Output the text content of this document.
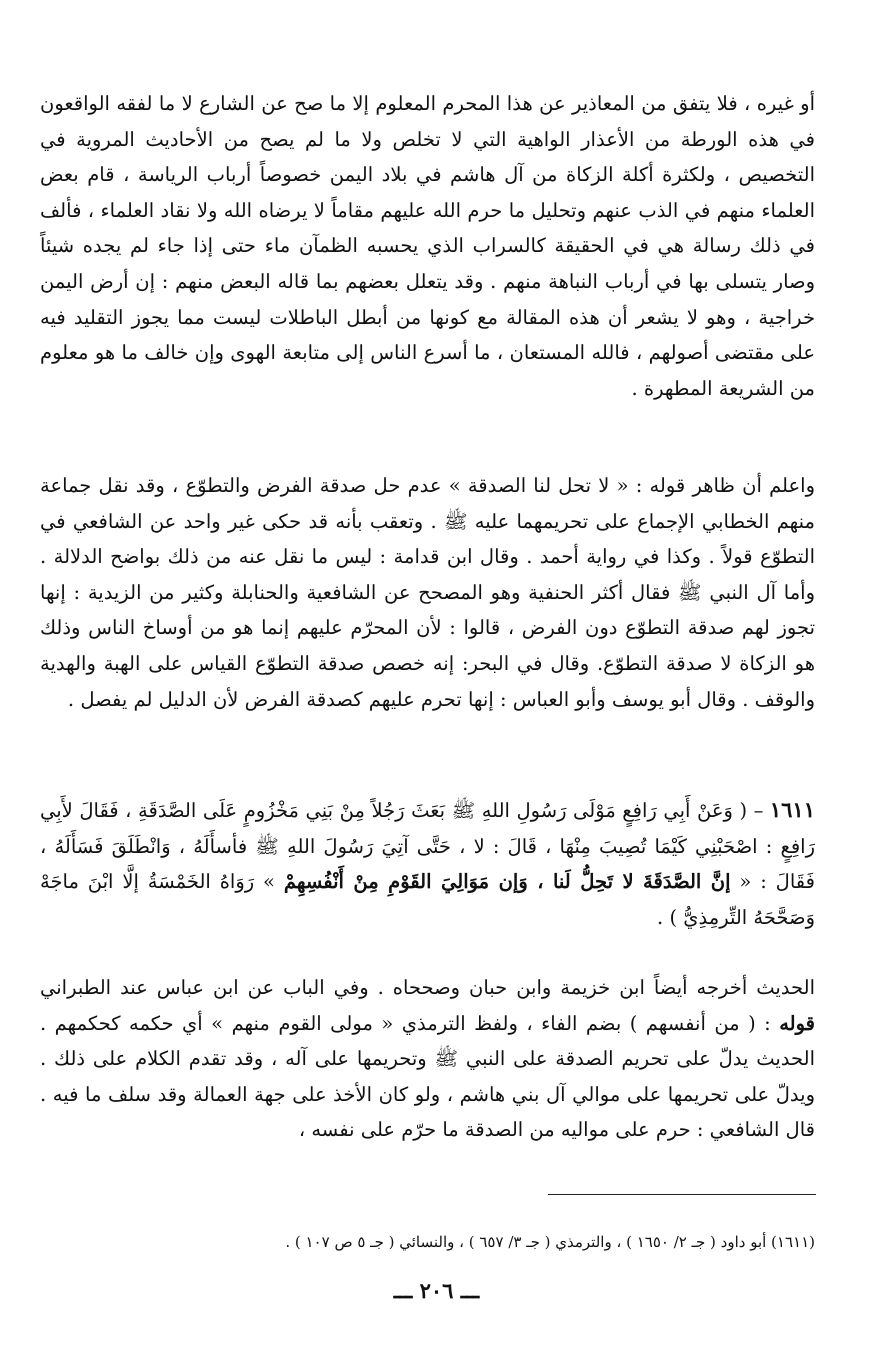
أو غيره ، فلا يتفق من المعاذير عن هذا المحرم المعلوم إلا ما صح عن الشارع لا ما لفقه الواقعون في هذه الورطة من الأعذار الواهية التي لا تخلص ولا ما لم يصح من الأحاديث المروية في التخصيص ، ولكثرة أكلة الزكاة من آل هاشم في بلاد اليمن خصوصاً أرباب الرياسة ، قام بعض العلماء منهم في الذب عنهم وتحليل ما حرم الله عليهم مقاماً لا يرضاه الله ولا نقاد العلماء ، فألف في ذلك رسالة هي في الحقيقة كالسراب الذي يحسبه الظمآن ماء حتى إذا جاء لم يجده شيئاً وصار يتسلى بها في أرباب النباهة منهم . وقد يتعلل بعضهم بما قاله البعض منهم : إن أرض اليمن خراجية ، وهو لا يشعر أن هذه المقالة مع كونها من أبطل الباطلات ليست مما يجوز التقليد فيه على مقتضى أصولهم ، فالله المستعان ، ما أسرع الناس إلى متابعة الهوى وإن خالف ما هو معلوم من الشريعة المطهرة .

واعلم أن ظاهر قوله : « لا تحل لنا الصدقة » عدم حل صدقة الفرض والتطوّع ، وقد نقل جماعة منهم الخطابي الإجماع على تحريمهما عليه ﷺ . وتعقب بأنه قد حكى غير واحد عن الشافعي في التطوّع قولاً . وكذا في رواية أحمد . وقال ابن قدامة : ليس ما نقل عنه من ذلك بواضح الدلالة . وأما آل النبي ﷺ فقال أكثر الحنفية وهو المصحح عن الشافعية والحنابلة وكثير من الزيدية : إنها تجوز لهم صدقة التطوّع دون الفرض ، قالوا : لأن المحرّم عليهم إنما هو من أوساخ الناس وذلك هو الزكاة لا صدقة التطوّع. وقال في البحر: إنه خصص صدقة التطوّع القياس على الهبة والهدية والوقف . وقال أبو يوسف وأبو العباس : إنها تحرم عليهم كصدقة الفرض لأن الدليل لم يفصل .

١٦١١ – ( وَعَنْ أَبِي رَافِعٍ مَوْلَى رَسُولِ اللهِ ﷺ بَعَثَ رَجُلاً مِنْ بَنِي مَخْزُومٍ عَلَى الصَّدَقَةِ ، فَقَالَ لأَبِي رَافِعٍ : اصْحَبْنِي كَيْمَا تُصِيبَ مِنْهَا ، قَالَ : لا ، حَتَّى آتِيَ رَسُولَ اللهِ ﷺ فأسأَلَهُ ، وَانْطَلَقَ فَسَأَلَهُ ، فَقَالَ : « إنَّ الصَّدَقَةَ لا تَحِلُّ لَنا ، وَإن مَوَالِيَ القَوْمِ مِنْ أَنْفُسِهِمْ » رَوَاهُ الخَمْسَةُ إلَّا ابْنَ ماجَهْ وَصَحَّحَهُ التِّرمِذِيُّ ) .

الحديث أخرجه أيضاً ابن خزيمة وابن حبان وصححاه . وفي الباب عن ابن عباس عند الطبراني قوله : ( من أنفسهم ) بضم الفاء ، ولفظ الترمذي « مولى القوم منهم » أي حكمه كحكمهم . الحديث يدلّ على تحريم الصدقة على النبي ﷺ وتحريمها على آله ، وقد تقدم الكلام على ذلك . ويدلّ على تحريمها على موالي آل بني هاشم ، ولو كان الأخذ على جهة العمالة وقد سلف ما فيه . قال الشافعي : حرم على مواليه من الصدقة ما حرّم على نفسه ،

(١٦١١) أبو داود ( جـ ٢/ ١٦٥٠ ) ، والترمذي ( جـ ٣/ ٦٥٧ ) ، والنسائي ( جـ ٥ ص ١٠٧ ) .
ـــ ٢٠٦ ـــ
